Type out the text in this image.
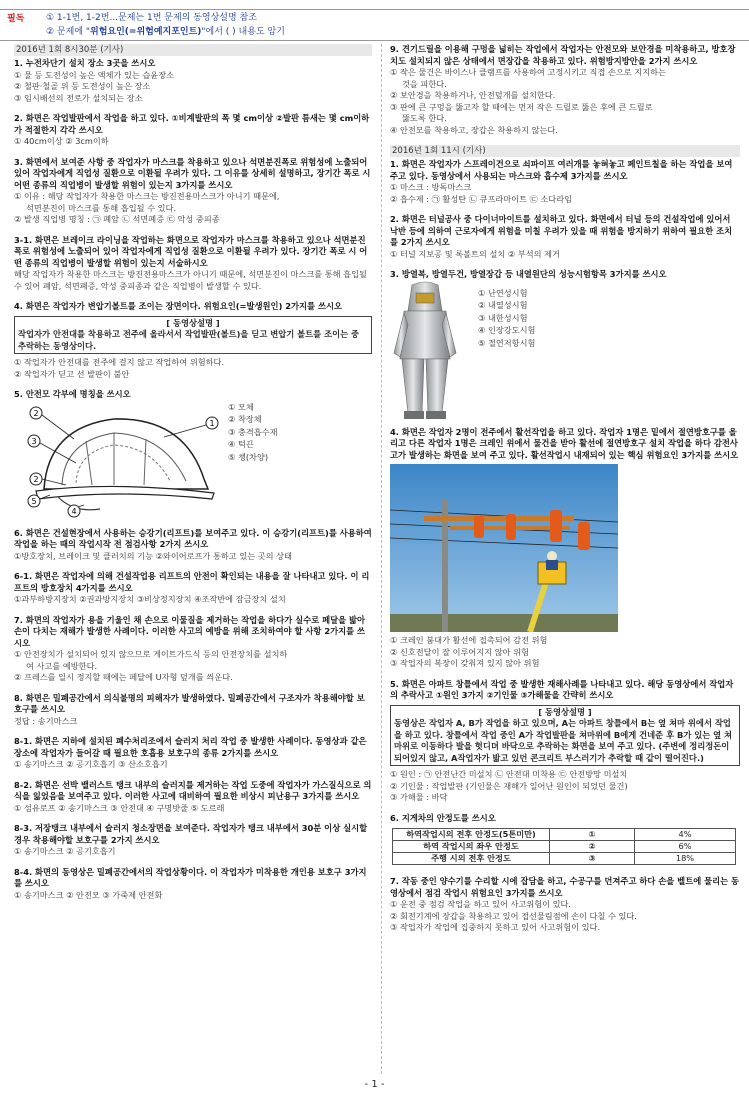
필독 ① 1-1번, 1-2번...문제는 1번 문제의 동영상설명 참조
② 문제에 "위험요인(=위험예지포인트)"에서 ( ) 내용도 암기
2016년 1회 8시30분 (기사)

1. 누전차단기 설치 장소 3곳을 쓰시오

① 물 등 도전성이 높은 액체가 있는 습윤장소

② 철판·철골 위 등 도전성이 높은 장소

③ 임시배선의 전로가 설치되는 장소

2. 화면은 작업발판에서 작업을 하고 있다. ①비계발판의 폭 몇 cm이상 ②발판 틈새는 몇 cm이하가 적절한지 각각 쓰시오

① 40cm이상 ② 3cm이하

3. 화면에서 보여준 사항 중 작업자가 마스크를 착용하고 있으나 석면분진폭로 위험성에 노출되어 있어 작업자에게 직업성 질환으로 이환될 우려가 있다. 그 이유를 상세히 설명하고, 장기간 폭로 시 어떤 종류의 직업병이 발생할 위험이 있는지 3가지를 쓰시오

① 이유 : 해당 작업자가 착용한 마스크는 방진전용마스크가 아니기 때문에,

석면분진이 마스크를 통해 흡입될 수 있다.

② 발생 직업병 명칭 : ㉠ 폐암 ㉡ 석면폐증 ㉢ 악성 중피종

3-1. 화면은 브레이크 라이닝을 작업하는 화면으로 작업자가 마스크를 착용하고 있으나 석면분진 폭로 위험성에 노출되어 있어 작업자에게 직업성 질환으로 이환될 우려가 있다. 장기간 폭로 시 어떤 종류의 직업병이 발생할 위험이 있는지 서술하시오

해당 작업자가 착용한 마스크는 방진전용마스크가 아니기 때문에, 석면분진이 마스크를 통해 흡입될 수 있어 폐암, 석면폐증, 악성 중피종과 같은 직업병이 발생할 수 있다.

4. 화면은 작업자가 변압기볼트를 조이는 장면이다. 위험요인(=발생원인) 2가지를 쓰시오

[ 동영상설명 ]
작업자가 안전대를 착용하고 전주에 올라서서 작업발판(볼트)을 딛고 변압기 볼트를 조이는 중 추락하는 동영상이다.

① 작업자가 안전대를 전주에 걸지 않고 작업하여 위험하다.

② 작업자가 딛고 선 발판이 불안

5. 안전모 각부에 명칭을 쓰시오

2
3
1
2
5
4
① 모체
② 착장체
③ 충격흡수재
④ 턱끈
⑤ 챙(차양)

6. 화면은 건설현장에서 사용하는 승강기(리프트)를 보여주고 있다. 이 승강기(리프트)를 사용하여 작업을 하는 때의 작업시작 전 점검사항 2가지 쓰시오

①방호장치, 브레이크 및 클러치의 기능 ②와이어로프가 통하고 있는 곳의 상태

6-1. 화면은 작업자에 의해 건설작업용 리프트의 안전이 확인되는 내용을 잘 나타내고 있다. 이 리프트의 방호장치 4가지를 쓰시오

①과부하방지장치 ②권과방지장치 ③비상정지장치 ④조작반에 잠금장치 설치

7. 화면의 작업자가 용을 기울인 채 손으로 이물질을 제거하는 작업을 하다가 실수로 페달을 밟아 손이 다치는 재해가 발생한 사례이다. 이러한 사고의 예방을 위해 조치하여야 할 사항 2가지를 쓰시오

① 안전장치가 설치되어 있지 않으므로 게이트가드식 등의 안전장치를 설치하

여 사고를 예방한다.

② 프레스를 일시 정지할 때에는 페달에 U자형 덮개를 씌운다.

8. 화면은 밀폐공간에서 의식불명의 피해자가 발생하였다. 밀폐공간에서 구조자가 착용해야할 보호구를 쓰시오

정답 : 송기마스크

8-1. 화면은 지하에 설치된 폐수처리조에서 슬러지 처리 작업 중 발생한 사례이다. 동영상과 같은 장소에 작업자가 들어갈 때 필요한 호흡용 보호구의 종류 2가지를 쓰시오

① 송기마스크 ② 공기호흡기 ③ 산소호흡기

8-2. 화면은 선박 밸러스트 탱크 내부의 슬러지를 제거하는 작업 도중에 작업자가 가스질식으로 의식을 잃었음을 보여주고 있다. 이러한 사고에 대비하여 필요한 비상시 피난용구 3가지를 쓰시오

① 섬유로프 ② 송기마스크 ③ 안전대 ④ 구명밧줄 ⑤ 도르래

8-3. 저장탱크 내부에서 슬러지 청소장면을 보여준다. 작업자가 탱크 내부에서 30분 이상 실시할 경우 착용해야할 보호구를 2가지 쓰시오

① 송기마스크 ② 공기호흡기

8-4. 화면의 동영상은 밀폐공간에서의 작업상황이다. 이 작업자가 미착용한 개인용 보호구 3가지를 쓰시오

① 송기마스크 ② 안전모 ③ 가죽제 안전화

9. 견기드릴을 이용해 구멍을 넓히는 작업에서 작업자는 안전모와 보안경을 미착용하고, 방호장치도 설치되지 않은 상태에서 면장갑을 착용하고 있다. 위험방지방안을 2가지 쓰시오

① 작은 물건은 바이스나 클램프를 사용하여 고정시키고 직접 손으로 지지하는

것을 피한다.

② 보안경을 착용하거나, 안전덮개를 설치한다.

③ 판에 큰 구멍을 뚫고자 할 때에는 먼저 작은 드릴로 뚫은 후에 큰 드릴로

뚫도록 한다.

④ 안전모를 착용하고, 장갑은 착용하지 않는다.

2016년 1회 11시 (기사)

1. 화면은 작업자가 스프레이건으로 쇠파이프 여러개를 놓혀놓고 페인트칠을 하는 작업을 보여주고 있다. 동영상에서 사용되는 마스크와 흡수제 3가지를 쓰시오

① 마스크 : 방독마스크

② 흡수제 : ㉠ 활성탄 ㉡ 큐프라마이트 ㉢ 소다라임

2. 화면은 터널공사 중 다이너마이트를 설치하고 있다. 화면에서 터널 등의 건설작업에 있어서 낙반 등에 의하여 근로자에게 위험을 미칠 우려가 있을 때 위험을 방지하기 위하여 필요한 조치를 2가지 쓰시오

① 터널 지보공 및 록볼트의 설치 ② 부석의 제거

3. 방열복, 방열두건, 방열장갑 등 내열원단의 성능시험항목 3가지를 쓰시오

① 난연성시험
② 내열성시험
③ 내한성시험
④ 인장강도시험
⑤ 절연저항시험

4. 화면은 작업자 2명이 전주에서 활선작업을 하고 있다. 작업자 1명은 밑에서 절연방호구를 올리고 다른 작업자 1명은 크레인 위에서 물건을 받아 활선에 절연방호구 설치 작업을 하다 감전사고가 발생하는 화면을 보여 주고 있다. 활선작업시 내재되어 있는 핵심 위험요인 3가지를 쓰시오

① 크레인 붐대가 활선에 접촉되어 감전 위험

② 신호전달이 잘 이루어지지 않아 위험

③ 작업자의 복장이 갖춰져 있지 않아 위험

5. 화면은 아파트 창틀에서 작업 중 발생한 재해사례를 나타내고 있다. 해당 동영상에서 작업자의 추락사고 ①원인 3가지 ②기인물 ③가해물을 간략히 쓰시오

[ 동영상설명 ]
동영상은 작업자 A, B가 작업을 하고 있으며, A는 아파트 창틀에서 B는 옆 쳐마 위에서 작업을 하고 있다. 창틀에서 작업 중인 A가 작업발판을 쳐마위에 B에게 건네준 후 B가 있는 옆 쳐마위로 이동하다 발을 헛디뎌 바닥으로 추락하는 화면을 보여 주고 있다. (주변에 정리정돈이 되어있지 않고, A작업자가 밟고 있던 콘크리트 부스러기가 추락할 때 같이 떨어진다.)

① 원인 : ㉠ 안전난간 미설치 ㉡ 안전대 미착용 ㉢ 안전방망 미설치

② 기인물 : 작업발판 (기인물은 재해가 일어난 원인이 되었던 물건)

③ 가해물 : 바닥

6. 지게차의 안정도를 쓰시오

하역작업시의 전후 안정도(5톤미만)	①	4%
하역 작업시의 좌우 안정도	②	6%
주행 시의 전후 안정도	③	18%

7. 작동 중인 양수기를 수리할 시에 잡담을 하고, 수공구를 던져주고 하다 손을 벨트에 물리는 동영상에서 점검 작업시 위험요인 3가지를 쓰시오

① 운전 중 점검 작업을 하고 있어 사고위험이 있다.

② 회전기계에 장갑을 착용하고 있어 접선물림점에 손이 다칠 수 있다.

③ 작업자가 작업에 집중하지 못하고 있어 사고위험이 있다.

- 1 -
